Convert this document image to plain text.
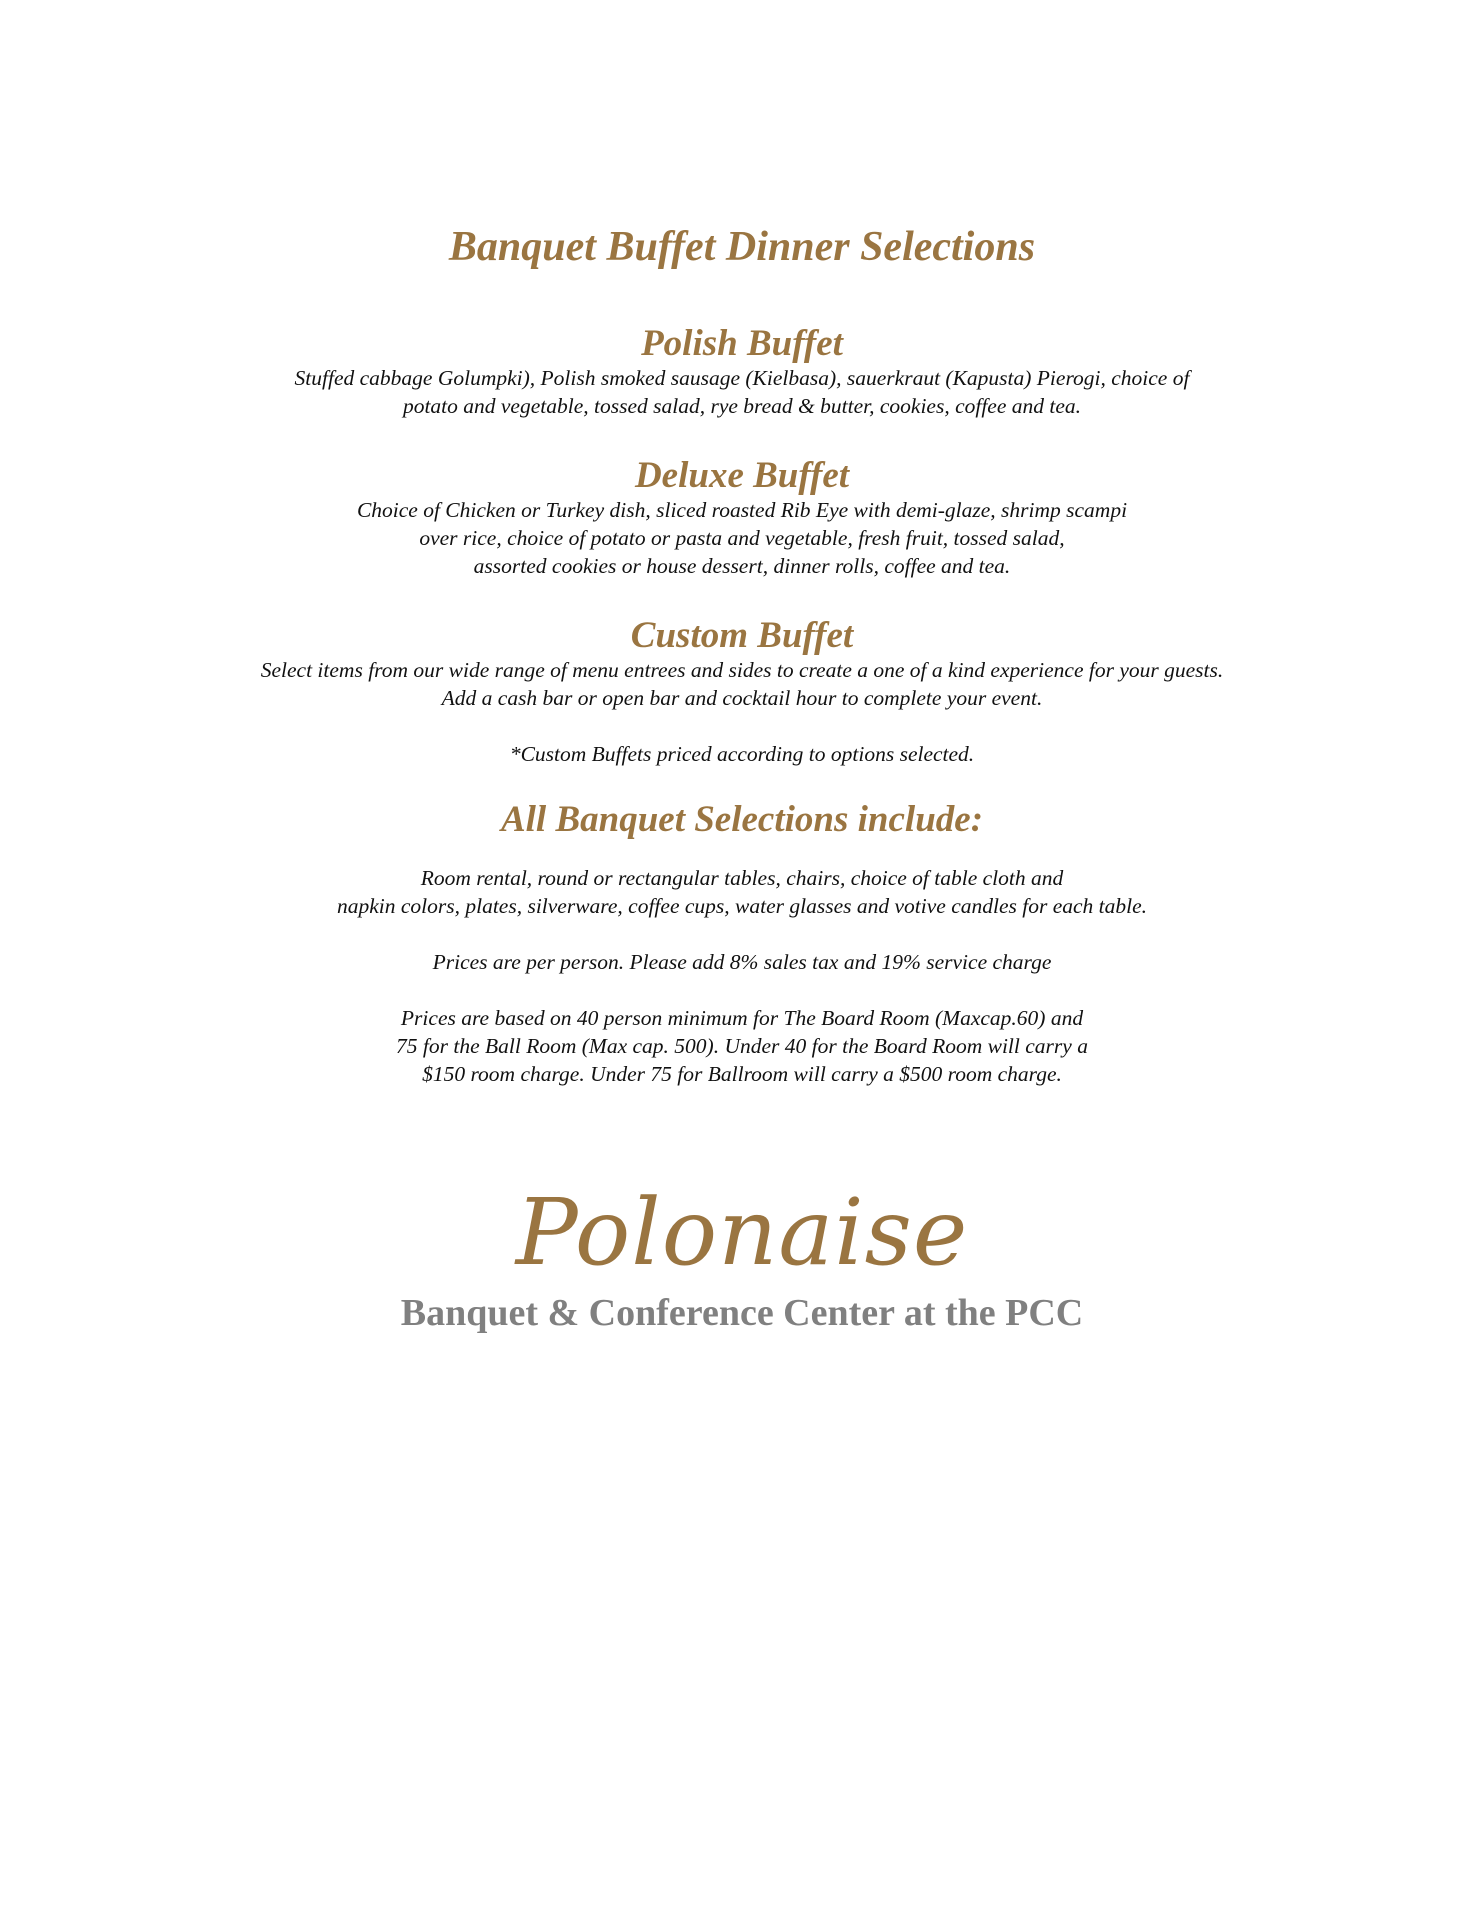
Banquet Buffet Dinner Selections
Polish Buffet
Stuffed cabbage Golumpki), Polish smoked sausage (Kielbasa), sauerkraut (Kapusta) Pierogi, choice of
potato and vegetable, tossed salad, rye bread & butter, cookies, coffee and tea.
Deluxe Buffet
Choice of Chicken or Turkey dish, sliced roasted Rib Eye with demi-glaze, shrimp scampi
over rice, choice of potato or pasta and vegetable, fresh fruit, tossed salad,
assorted cookies or house dessert, dinner rolls, coffee and tea.
Custom Buffet
Select items from our wide range of menu entrees and sides to create a one of a kind experience for your guests.
Add a cash bar or open bar and cocktail hour to complete your event.
*Custom Buffets priced according to options selected.
All Banquet Selections include:
Room rental, round or rectangular tables, chairs, choice of table cloth and
napkin colors, plates, silverware, coffee cups, water glasses and votive candles for each table.
Prices are per person. Please add 8% sales tax and 19% service charge
Prices are based on 40 person minimum for The Board Room (Maxcap.60) and
75 for the Ball Room (Max cap. 500). Under 40 for the Board Room will carry a
$150 room charge. Under 75 for Ballroom will carry a $500 room charge.
Polonaise
Banquet & Conference Center at the PCC
